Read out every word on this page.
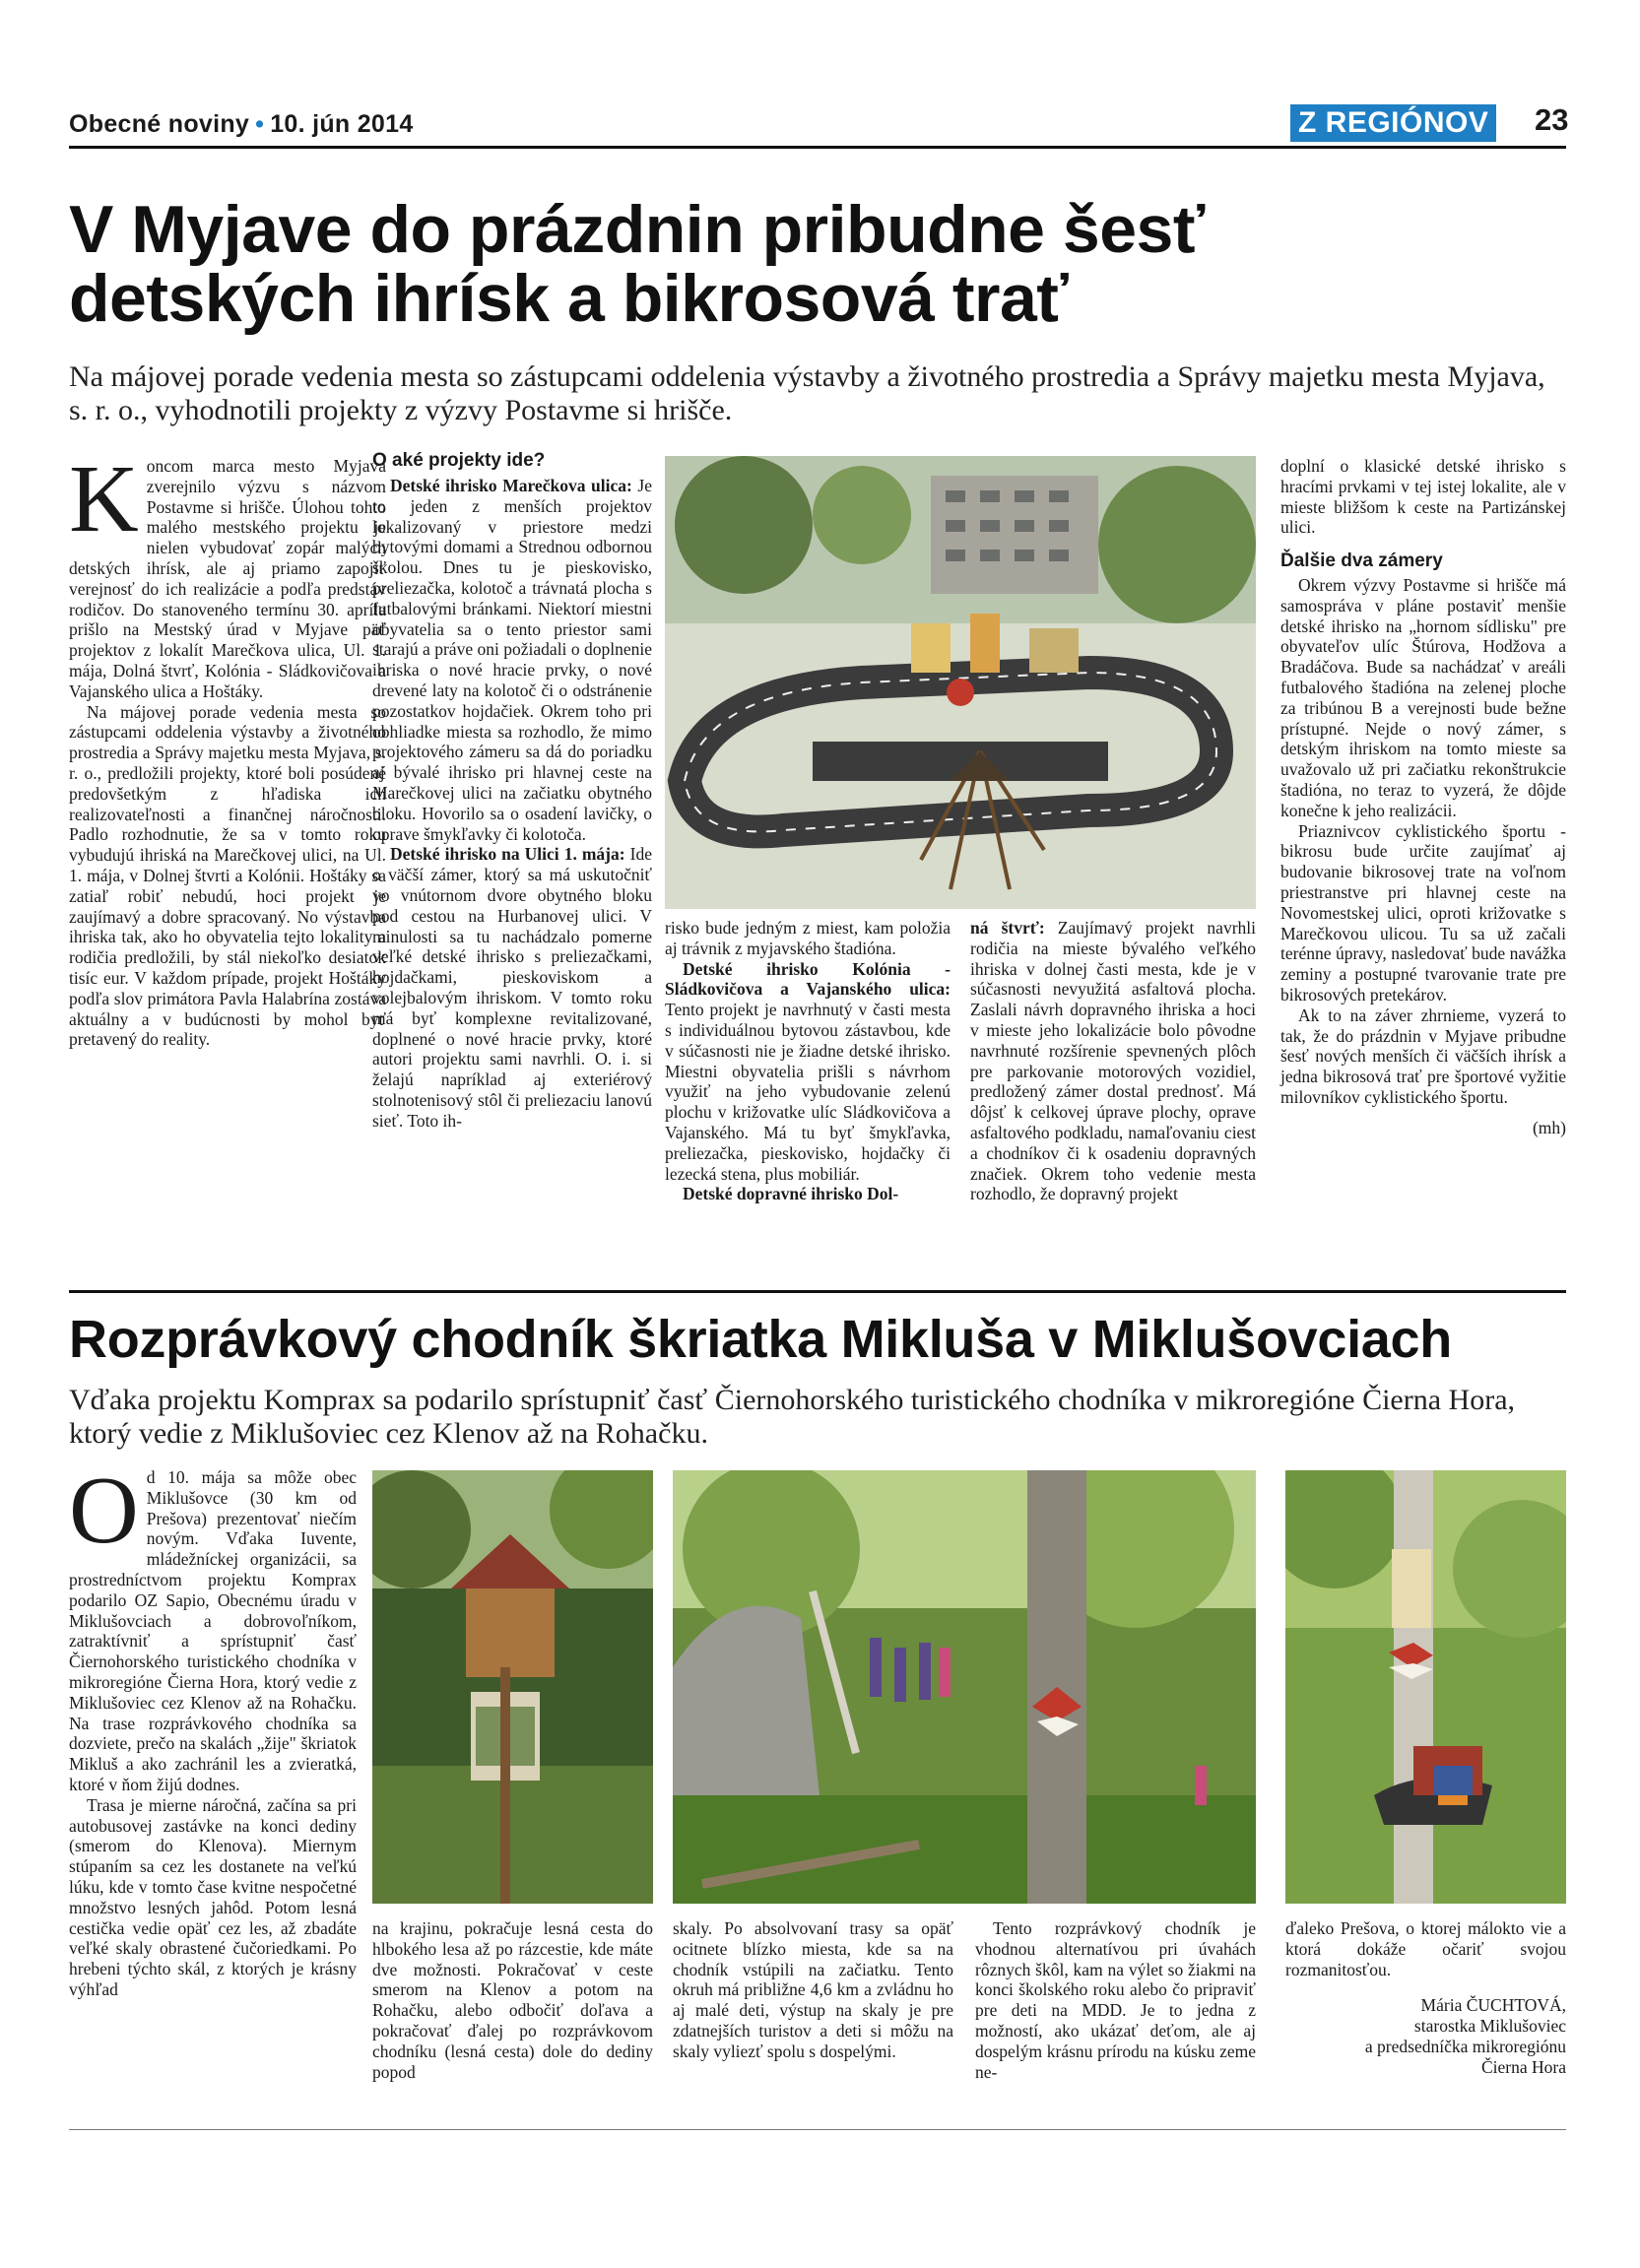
Obecné noviny • 10. jún 2014	Z REGIÓNOV 23
V Myjave do prázdnin pribudne šesť
detských ihrísk a bikrosová trať
Na májovej porade vedenia mesta so zástupcami oddelenia výstavby a životného prostredia a Správy majetku mesta Myjava, s. r. o., vyhodnotili projekty z výzvy Postavme si hrišče.

Koncom marca mesto Myjava zverejnilo výzvu s názvom Postavme si hrišče. Úlohou tohto malého mestského projektu je nielen vybudovať zopár malých detských ihrísk, ale aj priamo zapojiť verejnosť do ich realizácie a podľa predstáv rodičov. Do stanoveného termínu 30. apríla prišlo na Mestský úrad v Myjave päť projektov z lokalít Marečkova ulica, Ul. 1. mája, Dolná štvrť, Kolónia - Sládkovičova a Vajanského ulica a Hoštáky.

Na májovej porade vedenia mesta so zástupcami oddelenia výstavby a životného prostredia a Správy majetku mesta Myjava, s. r. o., predložili projekty, ktoré boli posúdené predovšetkým z hľadiska ich realizovateľnosti a finančnej náročnosti. Padlo rozhodnutie, že sa v tomto roku vybudujú ihriská na Marečkovej ulici, na Ul. 1. mája, v Dolnej štvrti a Kolónii. Hoštáky sa zatiaľ robiť nebudú, hoci projekt je zaujímavý a dobre spracovaný. No výstavba ihriska tak, ako ho obyvatelia tejto lokality a rodičia predložili, by stál niekoľko desiatok tisíc eur. V každom prípade, projekt Hoštáky podľa slov primátora Pavla Halabrína zostáva aktuálny a v budúcnosti by mohol byť pretavený do reality.

O aké projekty ide?

Detské ihrisko Marečkova ulica: Je to jeden z menších projektov lokalizovaný v priestore medzi bytovými domami a Strednou odbornou školou. Dnes tu je pieskovisko, preliezačka, kolotoč a trávnatá plocha s futbalovými bránkami. Niektorí miestni obyvatelia sa o tento priestor sami starajú a práve oni požiadali o doplnenie ihriska o nové hracie prvky, o nové drevené laty na kolotoč či o odstránenie pozostatkov hojdačiek. Okrem toho pri obhliadke miesta sa rozhodlo, že mimo projektového zámeru sa dá do poriadku aj bývalé ihrisko pri hlavnej ceste na Marečkovej ulici na začiatku obytného bloku. Hovorilo sa o osadení lavičky, o oprave šmykľavky či kolotoča.

Detské ihrisko na Ulici 1. mája: Ide o väčší zámer, ktorý sa má uskutočniť vo vnútornom dvore obytného bloku pod cestou na Hurbanovej ulici. V minulosti sa tu nachádzalo pomerne veľké detské ihrisko s preliezačkami, hojdačkami, pieskoviskom a volejbalovým ihriskom. V tomto roku má byť komplexne revitalizované, doplnené o nové hracie prvky, ktoré autori projektu sami navrhli. O. i. si želajú napríklad aj exteriérový stolnotenisový stôl či preliezaciu lanovú sieť. Toto ih-

risko bude jedným z miest, kam položia aj trávnik z myjavského štadióna.

Detské ihrisko Kolónia - Sládkovičova a Vajanského ulica: Tento projekt je navrhnutý v časti mesta s individuálnou bytovou zástavbou, kde v súčasnosti nie je žiadne detské ihrisko. Miestni obyvatelia prišli s návrhom využiť na jeho vybudovanie zelenú plochu v križovatke ulíc Sládkovičova a Vajanského. Má tu byť šmykľavka, preliezačka, pieskovisko, hojdačky či lezecká stena, plus mobiliár.

Detské dopravné ihrisko Dol-

ná štvrť: Zaujímavý projekt navrhli rodičia na mieste bývalého veľkého ihriska v dolnej časti mesta, kde je v súčasnosti nevyužitá asfaltová plocha. Zaslali návrh dopravného ihriska a hoci v mieste jeho lokalizácie bolo pôvodne navrhnuté rozšírenie spevnených plôch pre parkovanie motorových vozidiel, predložený zámer dostal prednosť. Má dôjsť k celkovej úprave plochy, oprave asfaltového podkladu, namaľovaniu ciest a chodníkov či k osadeniu dopravných značiek. Okrem toho vedenie mesta rozhodlo, že dopravný projekt

doplní o klasické detské ihrisko s hracími prvkami v tej istej lokalite, ale v mieste bližšom k ceste na Partizánskej ulici.

Ďalšie dva zámery

Okrem výzvy Postavme si hrišče má samospráva v pláne postaviť menšie detské ihrisko na „hornom sídlisku" pre obyvateľov ulíc Štúrova, Hodžova a Bradáčova. Bude sa nachádzať v areáli futbalového štadióna na zelenej ploche za tribúnou B a verejnosti bude bežne prístupné. Nejde o nový zámer, s detským ihriskom na tomto mieste sa uvažovalo už pri začiatku rekonštrukcie štadióna, no teraz to vyzerá, že dôjde konečne k jeho realizácii.

Priaznivcov cyklistického športu - bikrosu bude určite zaujímať aj budovanie bikrosovej trate na voľnom priestranstve pri hlavnej ceste na Novomestskej ulici, oproti križovatke s Marečkovou ulicou. Tu sa už začali terénne úpravy, nasledovať bude navážka zeminy a postupné tvarovanie trate pre bikrosových pretekárov.

Ak to na záver zhrnieme, vyzerá to tak, že do prázdnin v Myjave pribudne šesť nových menších či väčších ihrísk a jedna bikrosová trať pre športové vyžitie milovníkov cyklistického športu.

(mh)
Rozprávkový chodník škriatka Mikluša v Miklušovciach
Vďaka projektu Komprax sa podarilo sprístupniť časť Čiernohorského turistického chodníka v mikroregióne Čierna Hora, ktorý vedie z Miklušoviec cez Klenov až na Rohačku.

Od 10. mája sa môže obec Miklušovce (30 km od Prešova) prezentovať niečím novým. Vďaka Iuvente, mládežníckej organizácii, sa prostredníctvom projektu Komprax podarilo OZ Sapio, Obecnému úradu v Miklušovciach a dobrovoľníkom, zatraktívniť a sprístupniť časť Čiernohorského turistického chodníka v mikroregióne Čierna Hora, ktorý vedie z Miklušoviec cez Klenov až na Rohačku. Na trase rozprávkového chodníka sa dozviete, prečo na skalách „žije" škriatok Mikluš a ako zachránil les a zvieratká, ktoré v ňom žijú dodnes.

Trasa je mierne náročná, začína sa pri autobusovej zastávke na konci dediny (smerom do Klenova). Miernym stúpaním sa cez les dostanete na veľkú lúku, kde v tomto čase kvitne nespočetné množstvo lesných jahôd. Potom lesná cestička vedie opäť cez les, až zbadáte veľké skaly obrastené čučoriedkami. Po hrebeni týchto skál, z ktorých je krásny výhľad

na krajinu, pokračuje lesná cesta do hlbokého lesa až po rázcestie, kde máte dve možnosti. Pokračovať v ceste smerom na Klenov a potom na Rohačku, alebo odbočiť doľava a pokračovať ďalej po rozprávkovom chodníku (lesná cesta) dole do dediny popod

skaly. Po absolvovaní trasy sa opäť ocitnete blízko miesta, kde sa na chodník vstúpili na začiatku. Tento okruh má približne 4,6 km a zvládnu ho aj malé deti, výstup na skaly je pre zdatnejších turistov a deti si môžu na skaly vyliezť spolu s dospelými.

Tento rozprávkový chodník je vhodnou alternatívou pri úvahách rôznych škôl, kam na výlet so žiakmi na konci školského roku alebo čo pripraviť pre deti na MDD. Je to jedna z možností, ako ukázať deťom, ale aj dospelým krásnu prírodu na kúsku zeme ne-

ďaleko Prešova, o ktorej málokto vie a ktorá dokáže očariť svojou rozmanitosťou.

Mária ČUCHTOVÁ,
starostka Miklušoviec
a predsedníčka mikroregiónu
Čierna Hora
